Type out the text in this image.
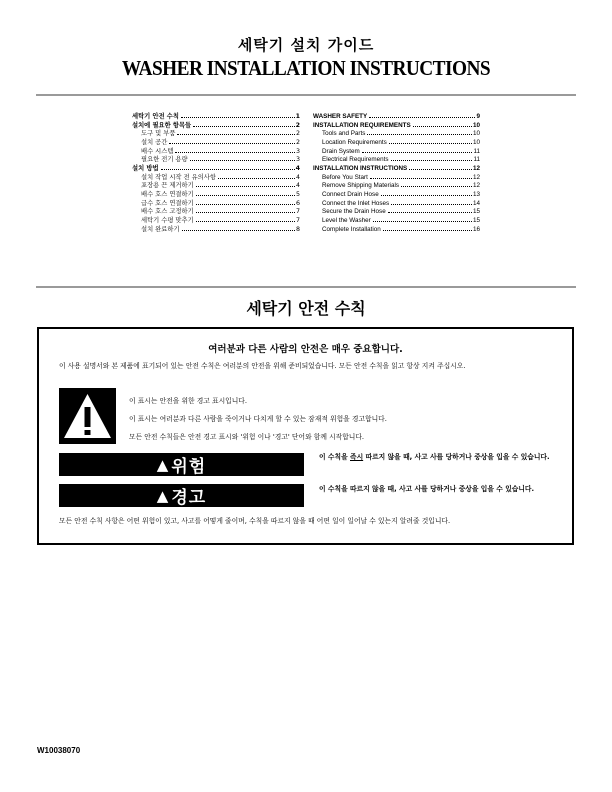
세탁기 설치 가이드
WASHER INSTALLATION INSTRUCTIONS
세탁기 안전 수칙	1
설치에 필요한 항목들	2
도구 및 부품	2
설치 공간	2
배수 시스템	3
필요한 전기 용량	3
설치 방법	4
설치 작업 시작 전 유의사항	4
포장용 끈 제거하기	4
배수 호스 연결하기	5
급수 호스 연결하기	6
배수 호스 고정하기	7
세탁기 수평 맞추기	7
설치 완료하기	8
WASHER SAFETY	9
INSTALLATION REQUIREMENTS	10
Tools and Parts	10
Location Requirements	10
Drain System	11
Electrical Requirements	11
INSTALLATION INSTRUCTIONS	12
Before You Start	12
Remove Shipping Materials	12
Connect Drain Hose	13
Connect the Inlet Hoses	14
Secure the Drain Hose	15
Level the Washer	15
Complete Installation	16
세탁기 안전 수칙
여러분과 다른 사람의 안전은 매우 중요합니다.
이 사용 설명서와 본 제품에 표기되어 있는 안전 수칙은 여러분의 안전을 위해 준비되었습니다. 모든 안전 수칙을 읽고 항상 지켜 주십시오.
이 표시는 안전을 위한 경고 표시입니다.
이 표시는 여러분과 다른 사람을 죽이거나 다치게 할 수 있는 잠재적 위험을 경고합니다.
모든 안전 수칙들은 안전 경고 표시와 '위험 이나 '경고' 단어와 함께 시작합니다.
▲ 위험	이 수칙을 즉시 따르지 않을 때, 사고 사를 당하거나 중상을 입을 수 있습니다.
▲ 경고	이 수칙을 따르지 않을 때, 사고 사를 당하거나 중상을 입을 수 있습니다.
모든 안전 수칙 사항은 어떤 위험이 있고, 사고를 어떻게 줄이며, 수칙을 따르지 않을 때 어떤 일이 일어날 수 있는지 알려줄 것입니다.
W10038070
